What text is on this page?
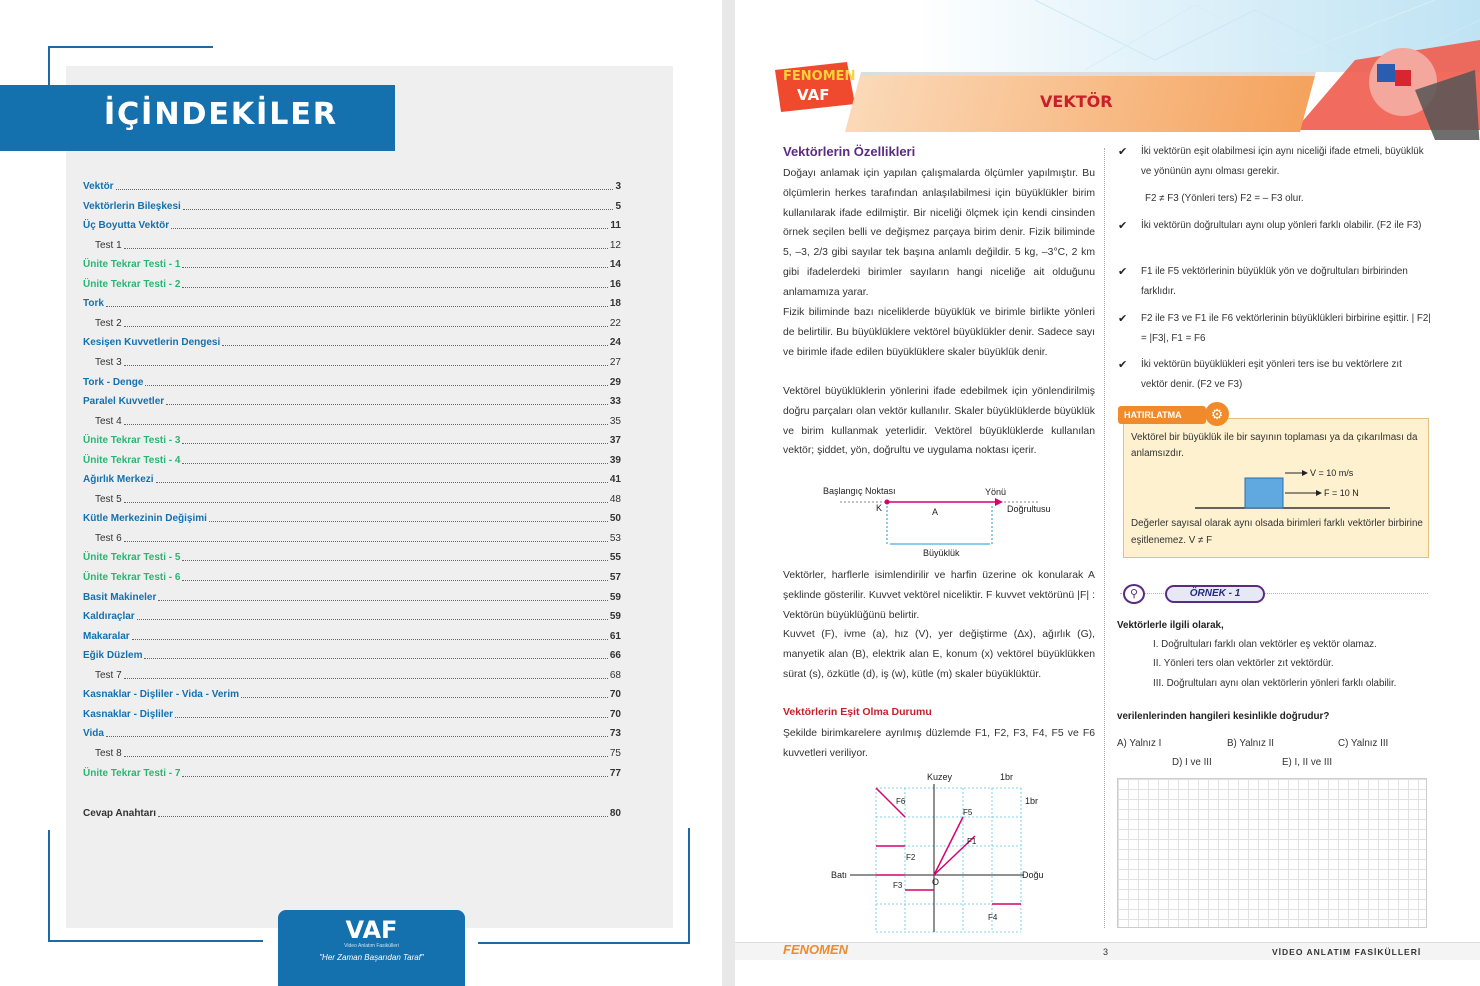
İÇİNDEKİLER
Cevap Anahtarı	80
VAF
Video Anlatım Fasikülleri
"Her Zaman Başarıdan Taraf"
Vektör	3
Vektörlerin Bileşkesi	5
Üç Boyutta Vektör	11
Test 1	12
Ünite Tekrar Testi - 1	14
Ünite Tekrar Testi - 2	16
Tork	18
Test 2	22
Kesişen Kuvvetlerin Dengesi	24
Test 3	27
Tork - Denge	29
Paralel Kuvvetler	33
Test 4	35
Ünite Tekrar Testi - 3	37
Ünite Tekrar Testi - 4	39
Ağırlık Merkezi	41
Test 5	48
Kütle Merkezinin Değişimi	50
Test 6	53
Ünite Tekrar Testi - 5	55
Ünite Tekrar Testi - 6	57
Basit Makineler	59
Kaldıraçlar	59
Makaralar	61
Eğik Düzlem	66
Test 7	68
Kasnaklar - Dişliler - Vida - Verim	70
Kasnaklar - Dişliler	70
Vida	73
Test 8	75
Ünite Tekrar Testi - 7	77
FENOMEN
VAF	VEKTÖR
Vektörlerin Özellikleri
Doğayı anlamak için yapılan çalışmalarda ölçümler yapılmıştır. Bu ölçümlerin herkes tarafından anlaşılabilmesi için büyüklükler birim kullanılarak ifade edilmiştir. Bir niceliği ölçmek için kendi cinsinden örnek seçilen belli ve değişmez parçaya birim denir. Fizik biliminde 5, –3, 2/3 gibi sayılar tek başına anlamlı değildir. 5 kg, –3°C, 2 km gibi ifadelerdeki birimler sayıların hangi niceliğe ait olduğunu anlamamıza yarar.
Fizik biliminde bazı niceliklerde büyüklük ve birimle birlikte yönleri de belirtilir. Bu büyüklüklere vektörel büyüklükler denir. Sadece sayı ve birimle ifade edilen büyüklüklere skaler büyüklük denir.
Vektörel büyüklüklerin yönlerini ifade edebilmek için yönlendirilmiş doğru parçaları olan vektör kullanılır. Skaler büyüklüklerde büyüklük ve birim kullanmak yeterlidir. Vektörel büyüklüklerde kullanılan vektör; şiddet, yön, doğrultu ve uygulama noktası içerir.
Başlangıç Noktası	Yönü
Doğrultusu
K	A
Büyüklük
Vektörler, harflerle isimlendirilir ve harfin üzerine ok konularak A şeklinde gösterilir. Kuvvet vektörel niceliktir. F kuvvet vektörünü |F| : Vektörün büyüklüğünü belirtir.
Kuvvet (F), ivme (a), hız (V), yer değiştirme (Δx), ağırlık (G), manyetik alan (B), elektrik alan E, konum (x) vektörel büyüklükken sürat (s), özkütle (d), iş (w), kütle (m) skaler büyüklüktür.
Vektörlerin Eşit Olma Durumu
Şekilde birimkarelere ayrılmış düzlemde F1, F2, F3, F4, F5 ve F6 kuvvetleri veriliyor.
Kuzey
Doğu
Batı
O
1br
1br
F1
F2
F3
F4
F5
F6
✔ İki vektörün eşit olabilmesi için aynı niceliği ifade etmeli, büyüklük ve yönünün aynı olması gerekir.
F2 ≠ F3 (Yönleri ters) F2 = – F3 olur.
✔ İki vektörün doğrultuları aynı olup yönleri farklı olabilir. (F2 ile F3)
✔ F1 ile F5 vektörlerinin büyüklük yön ve doğrultuları birbirinden farklıdır.
✔ F2 ile F3 ve F1 ile F6 vektörlerinin büyüklükleri birbirine eşittir. | F2| = |F3|, F1 = F6
✔ İki vektörün büyüklükleri eşit yönleri ters ise bu vektörlere zıt vektör denir. (F2 ve F3)
HATIRLATMA	⚙
Vektörel bir büyüklük ile bir sayının toplaması ya da çıkarılması da anlamsızdır.
V = 10 m/s
F = 10 N
Değerler sayısal olarak aynı olsada birimleri farklı vektörler birbirine eşitlenemez. V ≠ F
⚲	ÖRNEK - 1
Vektörlerle ilgili olarak,
I. Doğrultuları farklı olan vektörler eş vektör olamaz.
II. Yönleri ters olan vektörler zıt vektördür.
III. Doğrultuları aynı olan vektörlerin yönleri farklı olabilir.
verilenlerinden hangileri kesinlikle doğrudur?
A) Yalnız I	B) Yalnız II	C) Yalnız III
D) I ve III	E) I, II ve III
FENOMEN	3	VİDEO ANLATIM FASİKÜLLERİ
